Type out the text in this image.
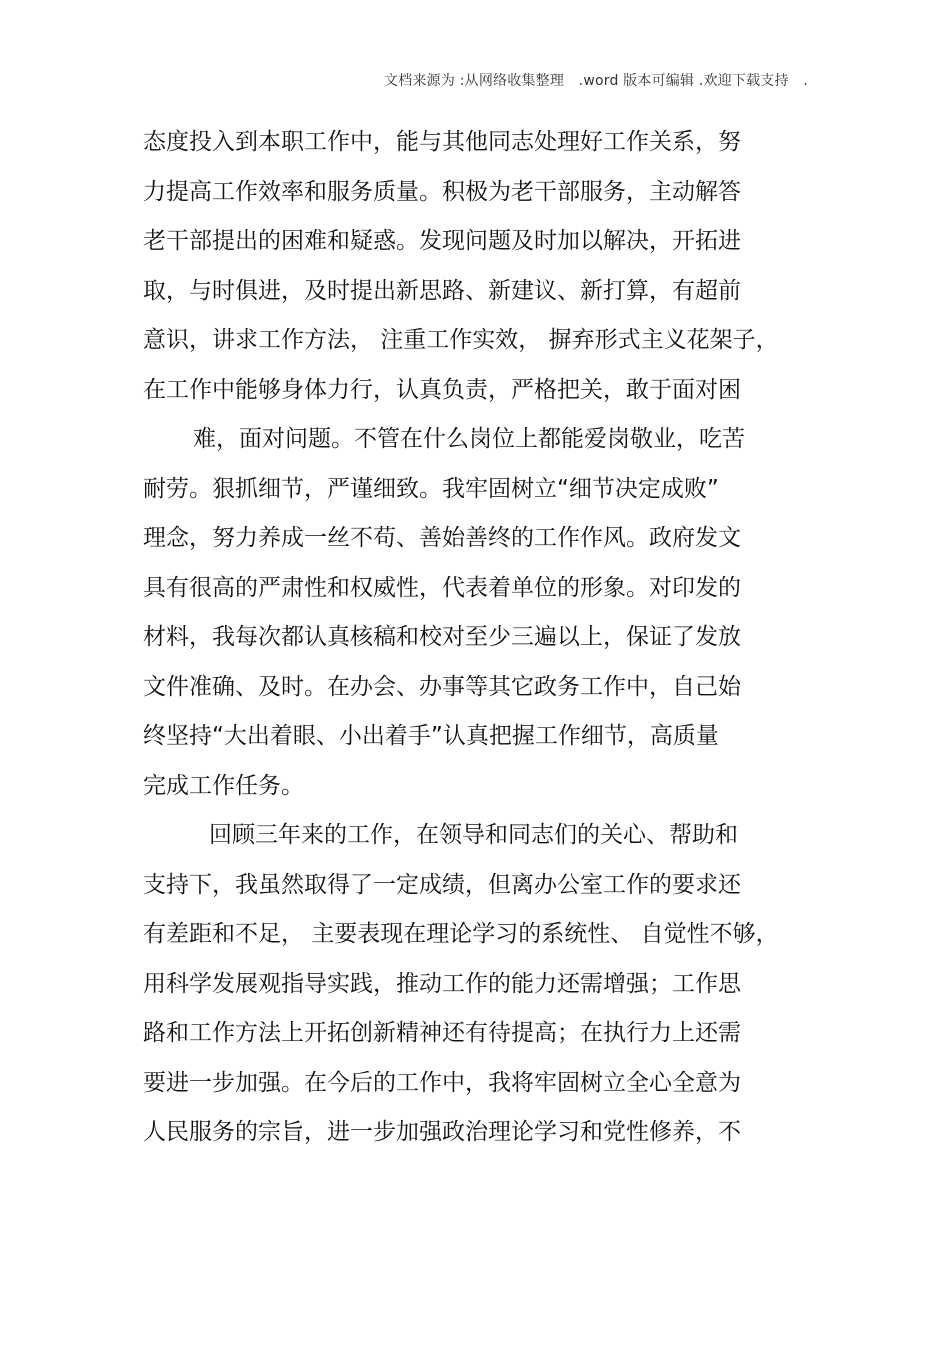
文档来源为 :从网络收集整理 .word 版本可编辑 .欢迎下载支持 .
态度投入到本职工作中，能与其他同志处理好工作关系，努
力提高工作效率和服务质量。积极为老干部服务，主动解答
老干部提出的困难和疑惑。发现问题及时加以解决，开拓进
取，与时俱进，及时提出新思路、新建议、新打算，有超前
意识，讲求工作方法， 注重工作实效， 摒弃形式主义花架子，
在工作中能够身体力行，认真负责，严格把关，敢于面对困
难，面对问题。不管在什么岗位上都能爱岗敬业，吃苦
耐劳。狠抓细节，严谨细致。我牢固树立“细节决定成败”
理念，努力养成一丝不苟、善始善终的工作作风。政府发文
具有很高的严肃性和权威性，代表着单位的形象。对印发的
材料，我每次都认真核稿和校对至少三遍以上，保证了发放
文件准确、及时。在办会、办事等其它政务工作中，自己始
终坚持“大出着眼、小出着手”认真把握工作细节，高质量
完成工作任务。
回顾三年来的工作，在领导和同志们的关心、帮助和
支持下，我虽然取得了一定成绩，但离办公室工作的要求还
有差距和不足， 主要表现在理论学习的系统性、 自觉性不够，
用科学发展观指导实践，推动工作的能力还需增强；工作思
路和工作方法上开拓创新精神还有待提高；在执行力上还需
要进一步加强。在今后的工作中，我将牢固树立全心全意为
人民服务的宗旨，进一步加强政治理论学习和党性修养，不
